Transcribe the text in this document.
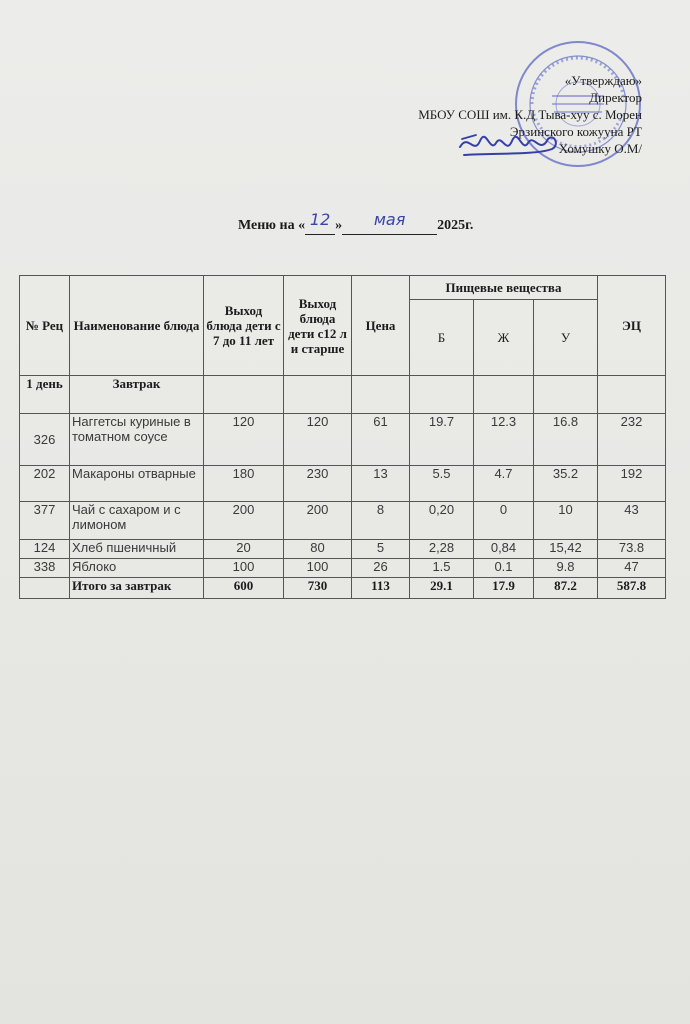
«Утверждаю»
Директор
МБОУ СОШ им. К.Д Тыва-хуу с. Морен
Эрзинского кожууна РТ
Хомушку О.М/
Меню на « 12 » мая 2025г.
№ Рец	Наименование блюда	Выход блюда дети с 7 до 11 лет	Выход блюда дети с12 л и старше	Цена	Пищевые вещества			ЭЦ
					Б	Ж	У	
1 день	Завтрак							
326	Наггетсы куриные в томатном соусе	120	120	61	19.7	12.3	16.8	232
202	Макароны отварные	180	230	13	5.5	4.7	35.2	192
377	Чай с сахаром и с лимоном	200	200	8	0,20	0	10	43
124	Хлеб пшеничный	20	80	5	2,28	0,84	15,42	73.8
338	Яблоко	100	100	26	1.5	0.1	9.8	47
	Итого за завтрак	600	730	113	29.1	17.9	87.2	587.8
